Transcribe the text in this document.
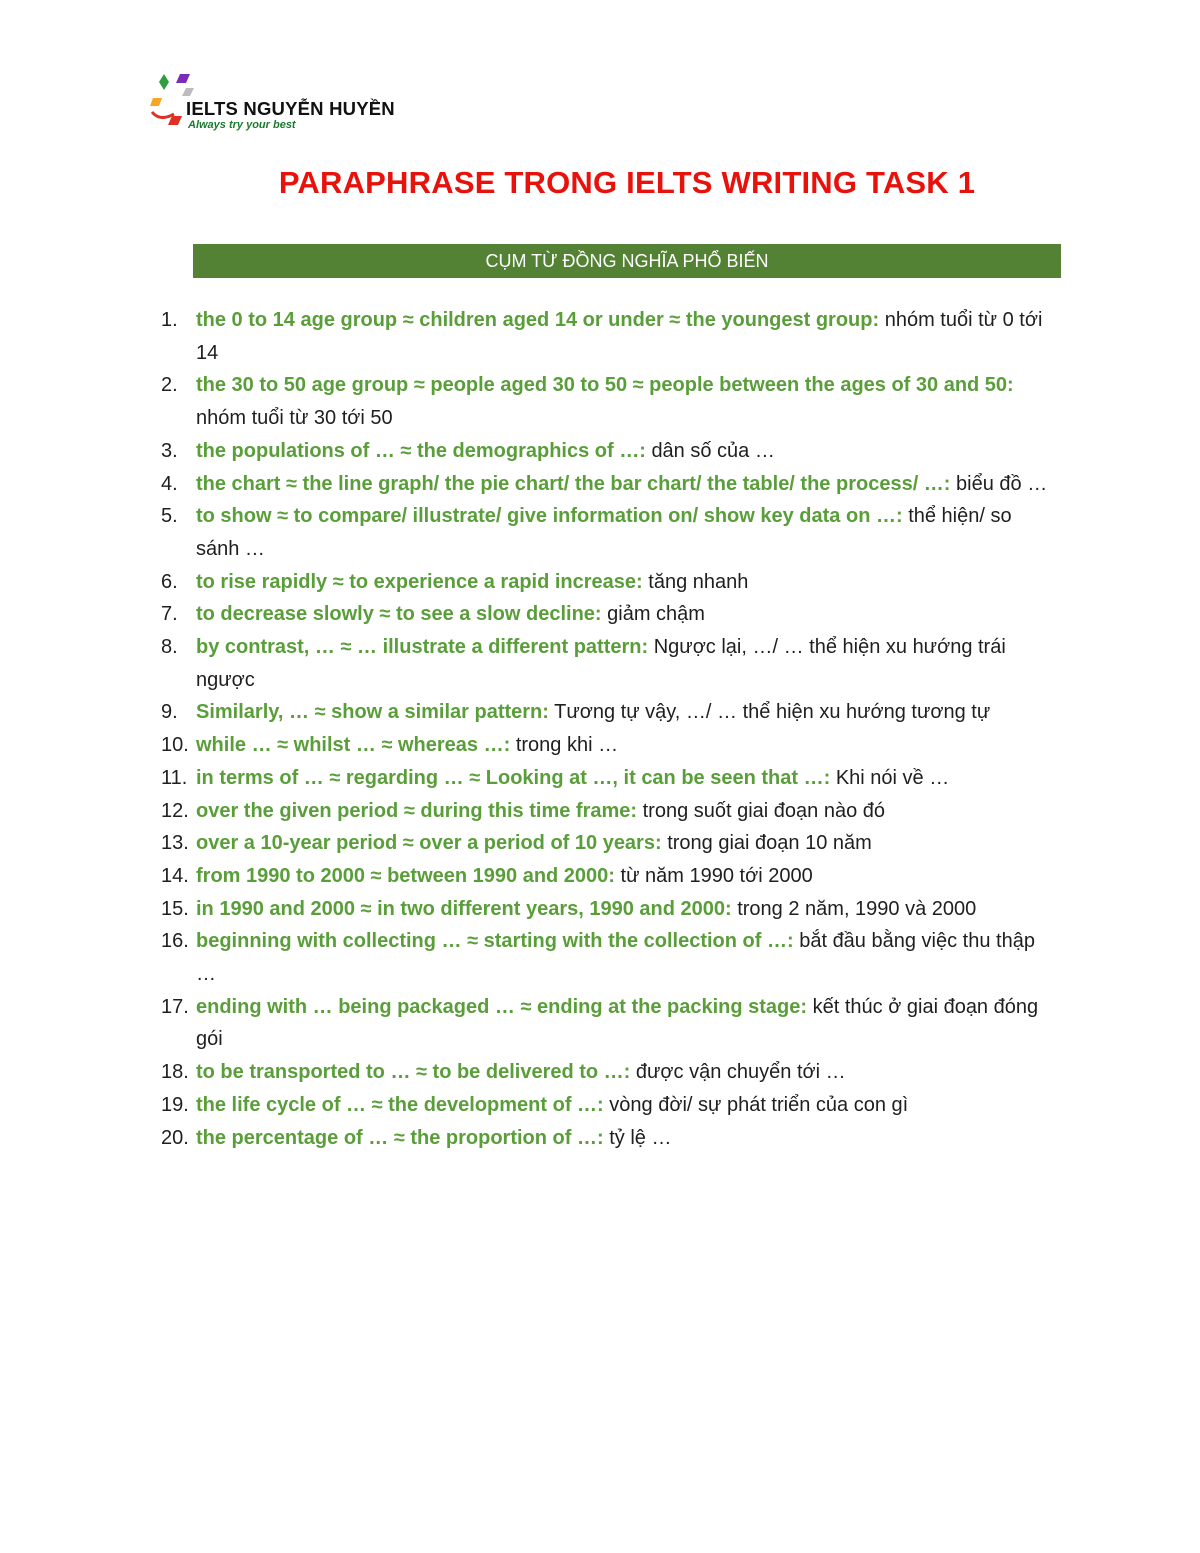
IELTS NGUYỄN HUYỀN
Always try your best
PARAPHRASE TRONG IELTS WRITING TASK 1
CỤM TỪ ĐỒNG NGHĨA PHỔ BIẾN
1. the 0 to 14 age group ≈ children aged 14 or under ≈ the youngest group: nhóm tuổi từ 0 tới 14
2. the 30 to 50 age group ≈ people aged 30 to 50 ≈ people between the ages of 30 and 50: nhóm tuổi từ 30 tới 50
3. the populations of … ≈ the demographics of …: dân số của …
4. the chart ≈ the line graph/ the pie chart/ the bar chart/ the table/ the process/ …: biểu đồ …
5. to show ≈ to compare/ illustrate/ give information on/ show key data on …: thể hiện/ so sánh …
6. to rise rapidly ≈ to experience a rapid increase: tăng nhanh
7. to decrease slowly ≈ to see a slow decline: giảm chậm
8. by contrast, … ≈ … illustrate a different pattern: Ngược lại, …/ … thể hiện xu hướng trái ngược
9. Similarly, … ≈ show a similar pattern: Tương tự vậy, …/ … thể hiện xu hướng tương tự
10. while … ≈ whilst … ≈ whereas …: trong khi …
11. in terms of … ≈ regarding … ≈ Looking at …, it can be seen that …: Khi nói về …
12. over the given period ≈ during this time frame: trong suốt giai đoạn nào đó
13. over a 10-year period ≈ over a period of 10 years: trong giai đoạn 10 năm
14. from 1990 to 2000 ≈ between 1990 and 2000: từ năm 1990 tới 2000
15. in 1990 and 2000 ≈ in two different years, 1990 and 2000: trong 2 năm, 1990 và 2000
16. beginning with collecting … ≈ starting with the collection of …: bắt đầu bằng việc thu thập …
17. ending with … being packaged … ≈ ending at the packing stage: kết thúc ở giai đoạn đóng gói
18. to be transported to … ≈ to be delivered to …: được vận chuyển tới …
19. the life cycle of … ≈ the development of …: vòng đời/ sự phát triển của con gì
20. the percentage of … ≈ the proportion of …: tỷ lệ …
